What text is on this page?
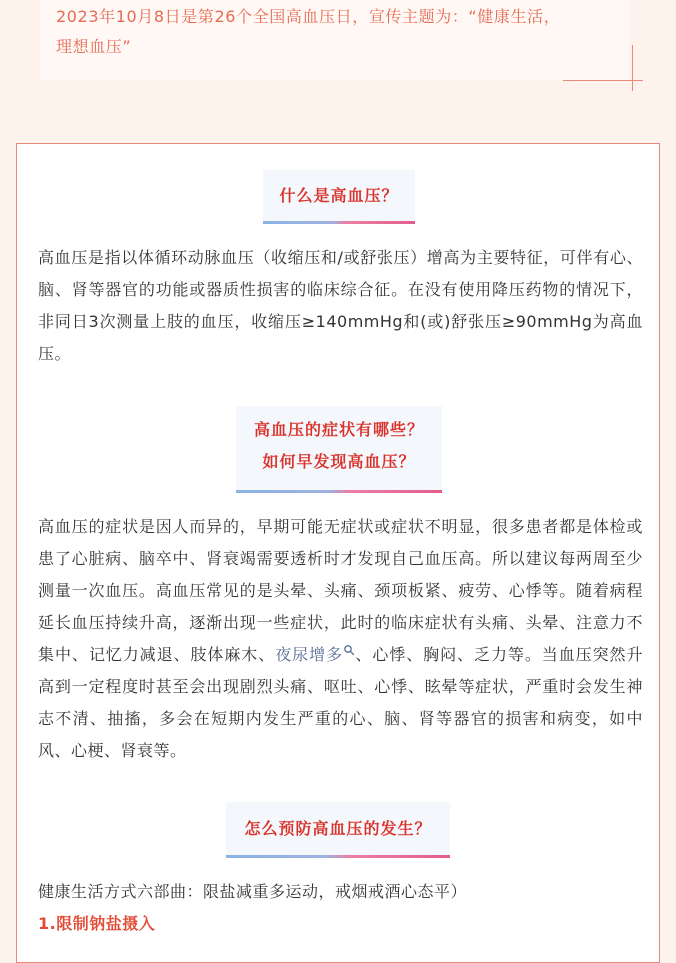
2023年10月8日是第26个全国高血压日，宣传主题为：“健康生活，
理想血压”
什么是高血压？
高血压是指以体循环动脉血压（收缩压和/或舒张压）增高为主要特征，可伴有心、脑、肾等器官的功能或器质性损害的临床综合征。在没有使用降压药物的情况下，非同日3次测量上肢的血压，收缩压≥140mmHg和(或)舒张压≥90mmHg为高血压。
高血压的症状有哪些？
如何早发现高血压？
高血压的症状是因人而异的，早期可能无症状或症状不明显，很多患者都是体检或患了心脏病、脑卒中、肾衰竭需要透析时才发现自己血压高。所以建议每两周至少测量一次血压。高血压常见的是头晕、头痛、颈项板紧、疲劳、心悸等。随着病程延长血压持续升高，逐渐出现一些症状，此时的临床症状有头痛、头晕、注意力不集中、记忆力减退、肢体麻木、夜尿增多 、心悸、胸闷、乏力等。当血压突然升高到一定程度时甚至会出现剧烈头痛、呕吐、心悸、眩晕等症状，严重时会发生神志不清、抽搐，多会在短期内发生严重的心、脑、肾等器官的损害和病变，如中风、心梗、肾衰等。
怎么预防高血压的发生？
健康生活方式六部曲：限盐减重多运动，戒烟戒酒心态平）
1.限制钠盐摄入
